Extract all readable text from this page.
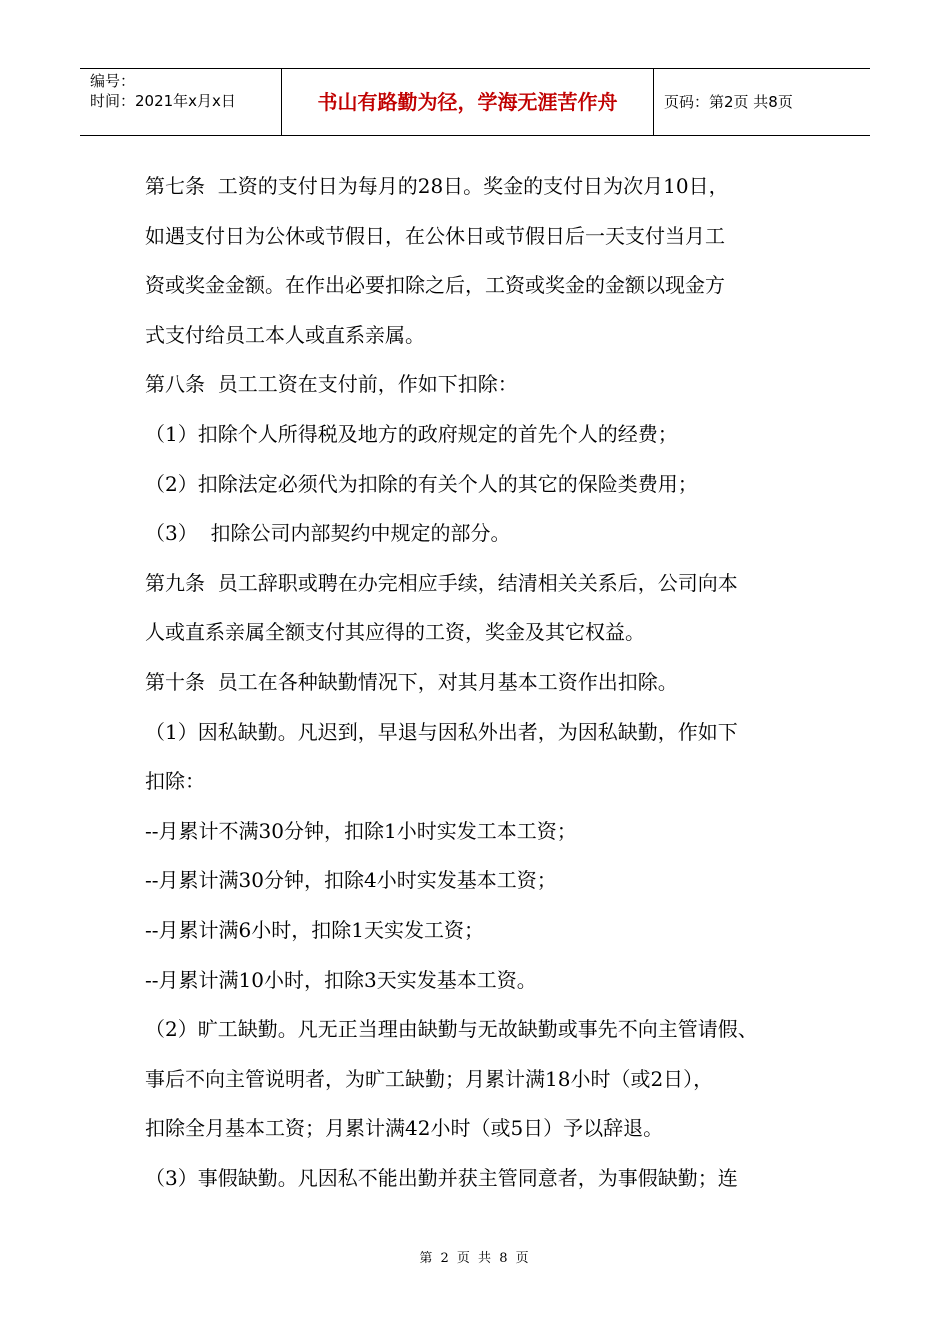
编号：
时间：2021年x月x日	书山有路勤为径，学海无涯苦作舟	页码：第2页 共8页

第七条  工资的支付日为每月的28日。奖金的支付日为次月10日，

如遇支付日为公休或节假日，在公休日或节假日后一天支付当月工

资或奖金金额。在作出必要扣除之后，工资或奖金的金额以现金方

式支付给员工本人或直系亲属。

第八条  员工工资在支付前，作如下扣除：

（1）扣除个人所得税及地方的政府规定的首先个人的经费；

（2）扣除法定必须代为扣除的有关个人的其它的保险类费用；

（3）  扣除公司内部契约中规定的部分。

第九条  员工辞职或聘在办完相应手续，结清相关关系后，公司向本

人或直系亲属全额支付其应得的工资，奖金及其它权益。

第十条  员工在各种缺勤情况下，对其月基本工资作出扣除。

（1）因私缺勤。凡迟到，早退与因私外出者，为因私缺勤，作如下

扣除：

--月累计不满30分钟，扣除1小时实发工本工资；

--月累计满30分钟，扣除4小时实发基本工资；

--月累计满6小时，扣除1天实发工资；

--月累计满10小时，扣除3天实发基本工资。

（2）旷工缺勤。凡无正当理由缺勤与无故缺勤或事先不向主管请假、

事后不向主管说明者，为旷工缺勤；月累计满18小时（或2日），

扣除全月基本工资；月累计满42小时（或5日）予以辞退。

（3）事假缺勤。凡因私不能出勤并获主管同意者，为事假缺勤；连

第 2 页 共 8 页
